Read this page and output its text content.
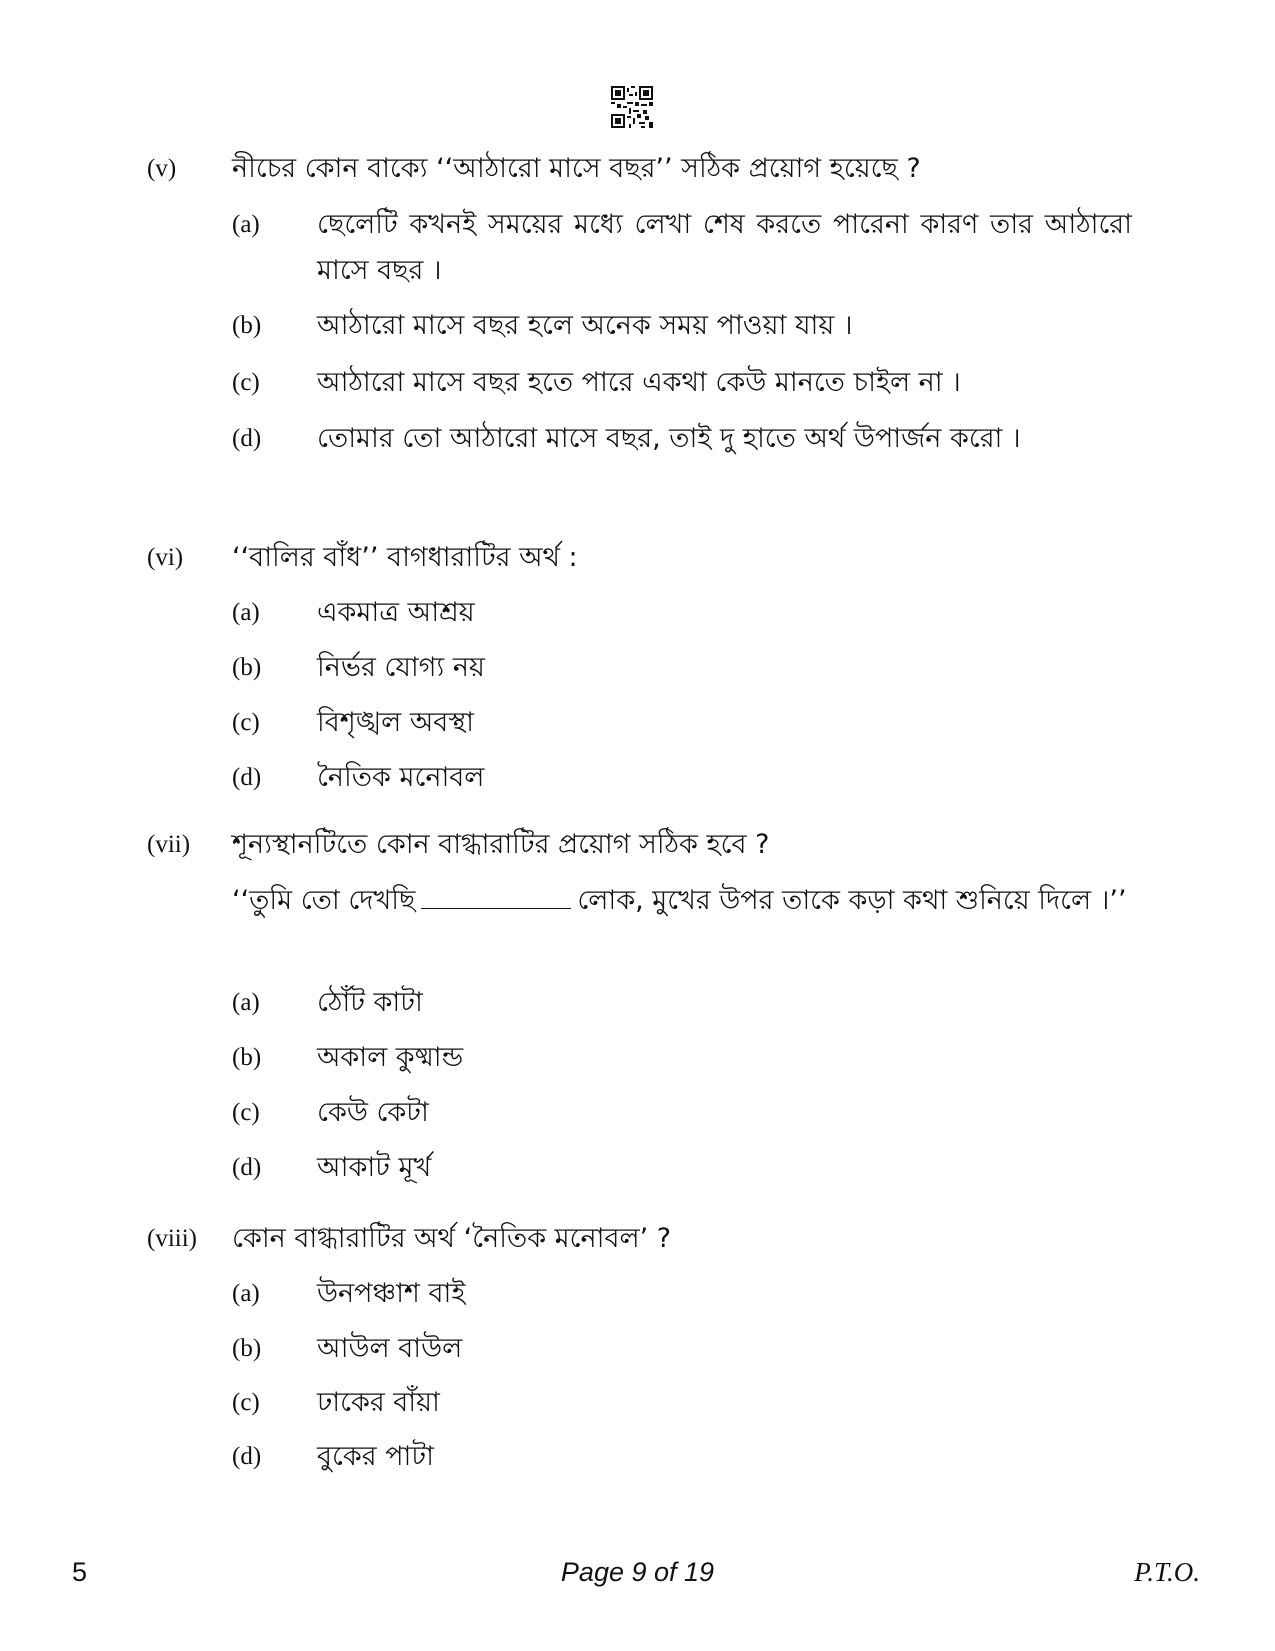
(v) নীচের কোন বাক্যে ‘‘আঠারো মাসে বছর’’ সঠিক প্রয়োগ হয়েছে ?
(a) ছেলেটি কখনই সময়ের মধ্যে লেখা শেষ করতে পারেনা কারণ তার আঠারো মাসে বছর ।
(b) আঠারো মাসে বছর হলে অনেক সময় পাওয়া যায় ।
(c) আঠারো মাসে বছর হতে পারে একথা কেউ মানতে চাইল না ।
(d) তোমার তো আঠারো মাসে বছর, তাই দু হাতে অর্থ উপার্জন করো ।
(vi) ‘‘বালির বাঁধ’’ বাগধারাটির অর্থ :
(a) একমাত্র আশ্রয়
(b) নির্ভর যোগ্য নয়
(c) বিশৃঙ্খল অবস্থা
(d) নৈতিক মনোবল
(vii) শূন্যস্থানটিতে কোন বাগ্ধারাটির প্রয়োগ সঠিক হবে ?
‘‘তুমি তো দেখছি	লোক, মুখের উপর তাকে কড়া কথা শুনিয়ে দিলে ।’’
(a) ঠোঁট কাটা
(b) অকাল কুষ্মান্ড
(c) কেউ কেটা
(d) আকাট মূর্খ
(viii) কোন বাগ্ধারাটির অর্থ ‘নৈতিক মনোবল’ ?
(a) উনপঞ্চাশ বাই
(b) আউল বাউল
(c) ঢাকের বাঁয়া
(d) বুকের পাটা
5	Page 9 of 19	P.T.O.
